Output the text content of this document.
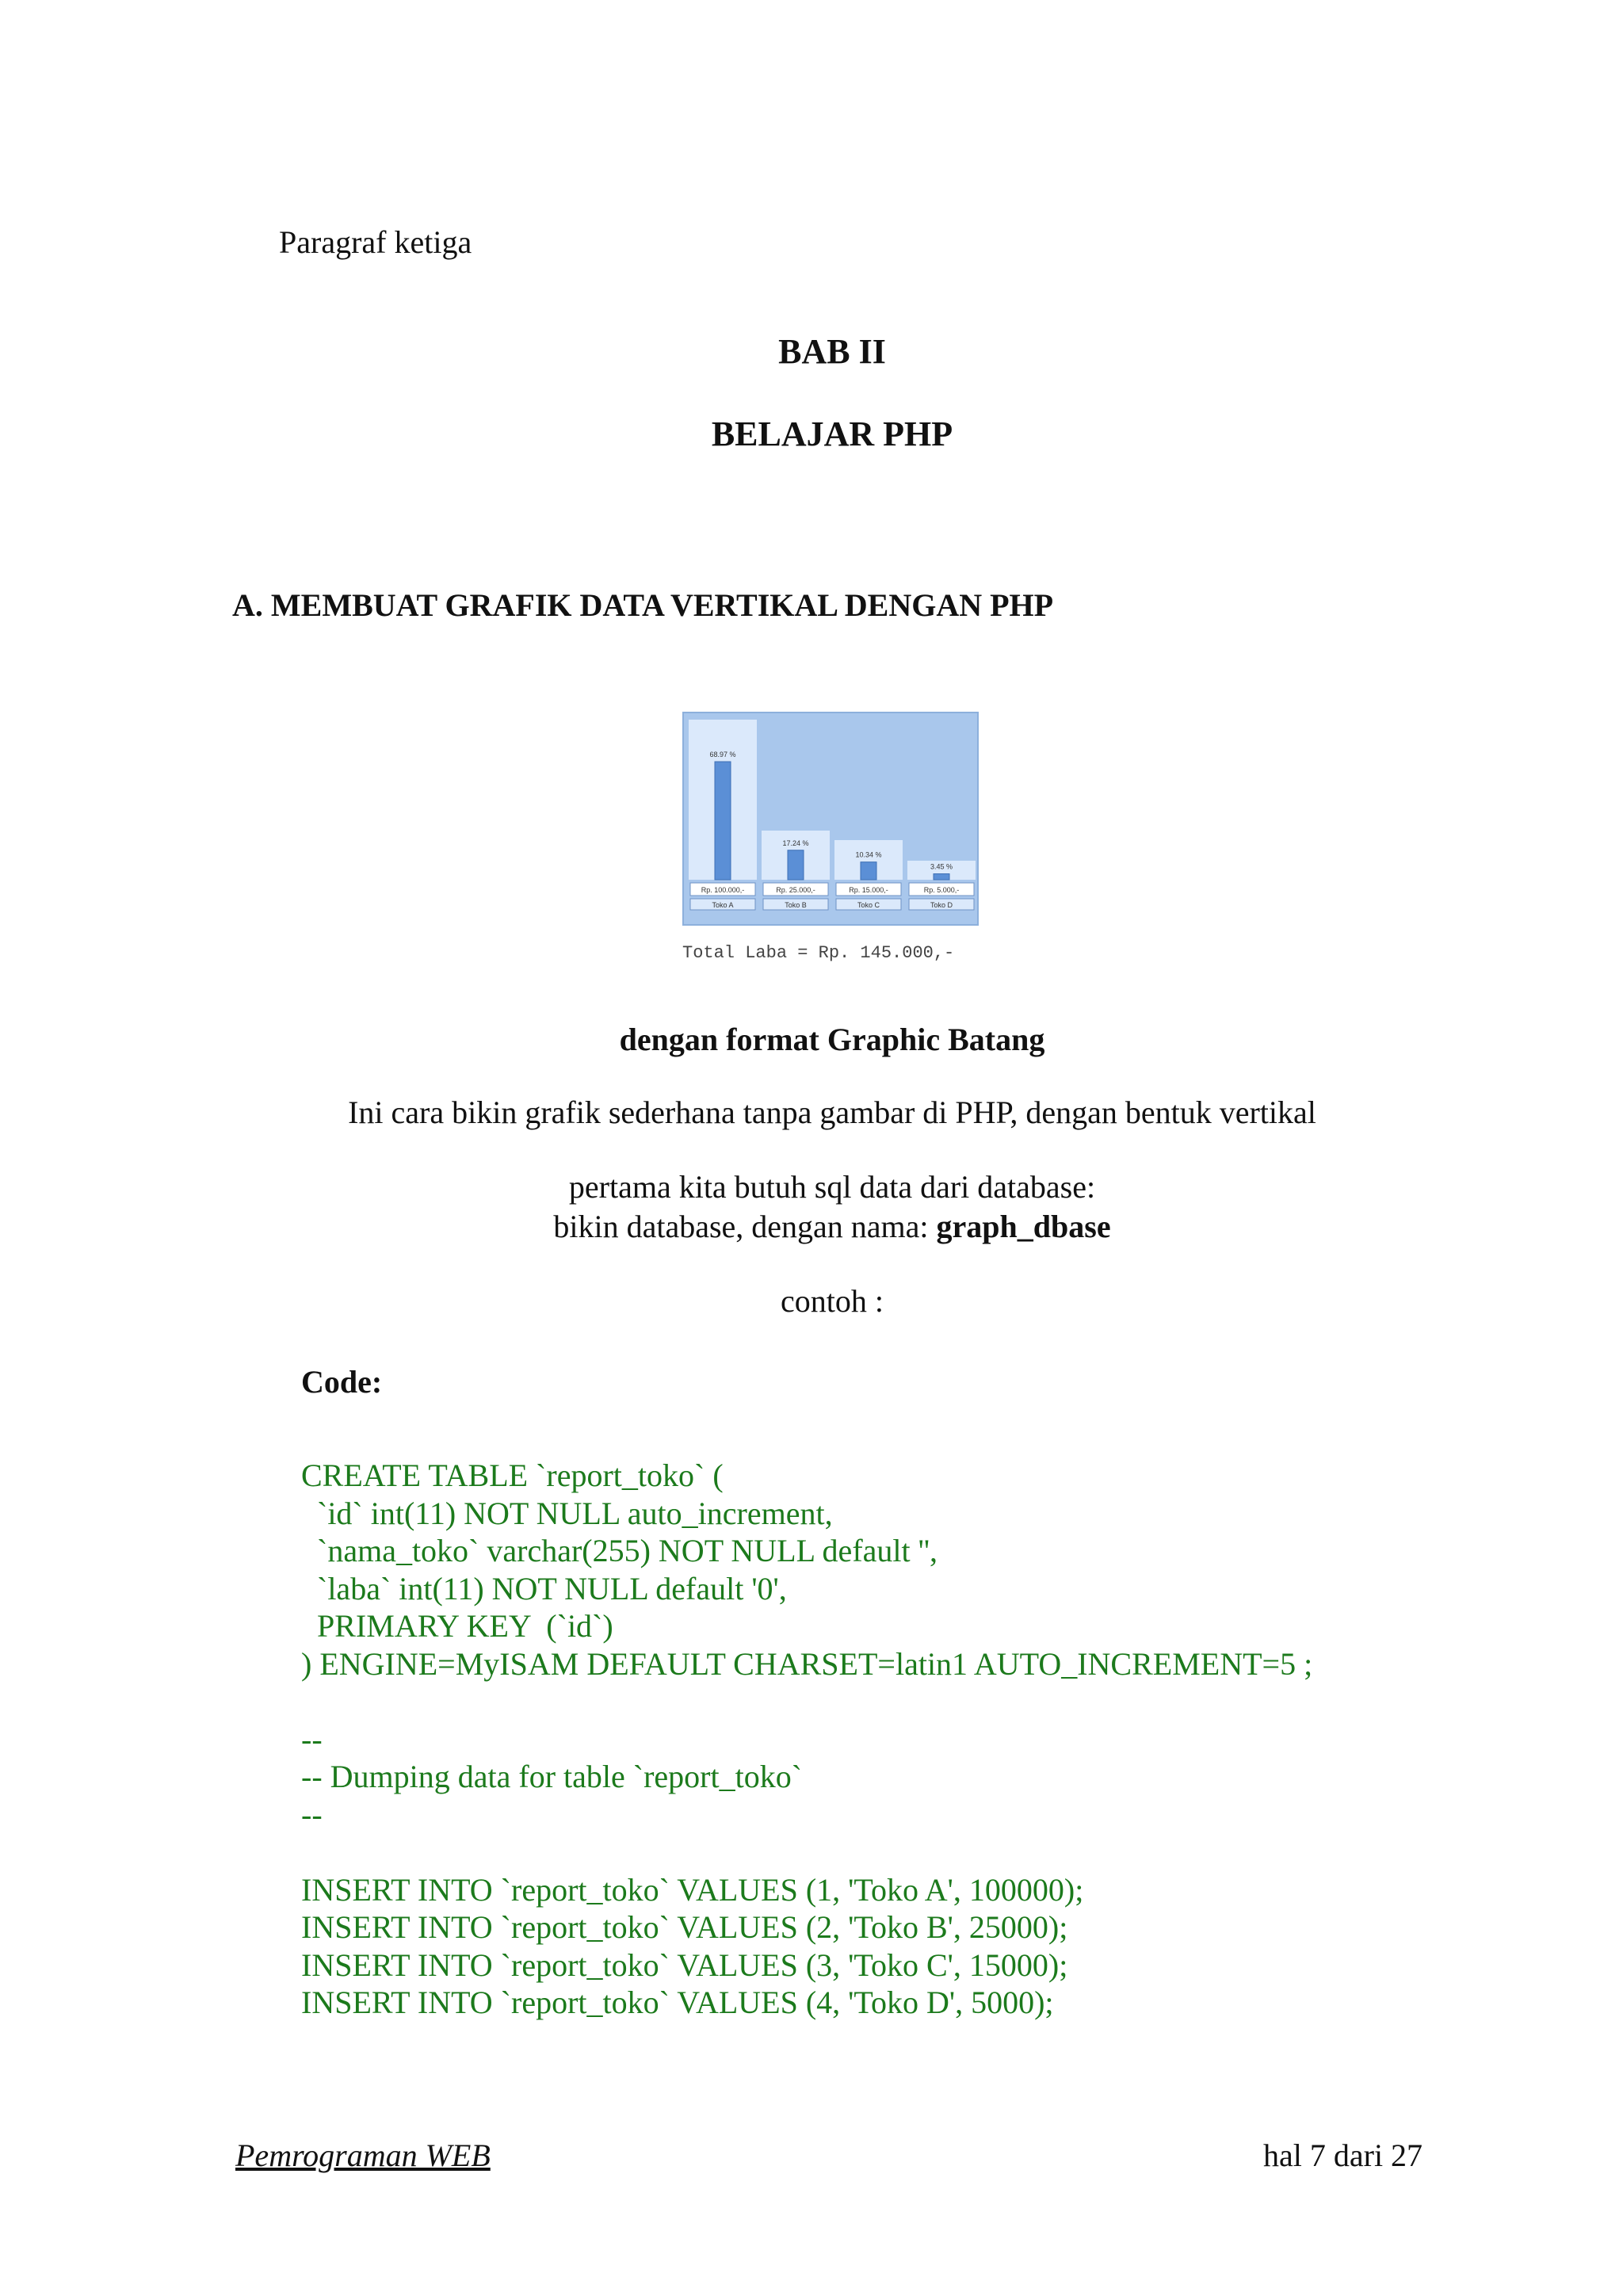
Paragraf ketiga
BAB II
BELAJAR PHP
A. MEMBUAT GRAFIK DATA VERTIKAL DENGAN PHP
68.97 %
Rp. 100.000,-
Toko A
17.24 %
Rp. 25.000,-
Toko B
10.34 %
Rp. 15.000,-
Toko C
3.45 %
Rp. 5.000,-
Toko D
Total Laba = Rp. 145.000,-
dengan format Graphic Batang
Ini cara bikin grafik sederhana tanpa gambar di PHP, dengan bentuk vertikal
pertama kita butuh sql data dari database:
bikin database, dengan nama: graph_dbase
contoh :
Code:
CREATE TABLE `report_toko` (
`id` int(11) NOT NULL auto_increment,
`nama_toko` varchar(255) NOT NULL default '',
`laba` int(11) NOT NULL default '0',
PRIMARY KEY  (`id`)
) ENGINE=MyISAM DEFAULT CHARSET=latin1 AUTO_INCREMENT=5 ;

--
-- Dumping data for table `report_toko`
--

INSERT INTO `report_toko` VALUES (1, 'Toko A', 100000);
INSERT INTO `report_toko` VALUES (2, 'Toko B', 25000);
INSERT INTO `report_toko` VALUES (3, 'Toko C', 15000);
INSERT INTO `report_toko` VALUES (4, 'Toko D', 5000);
Pemrograman WEB	hal 7 dari 27
